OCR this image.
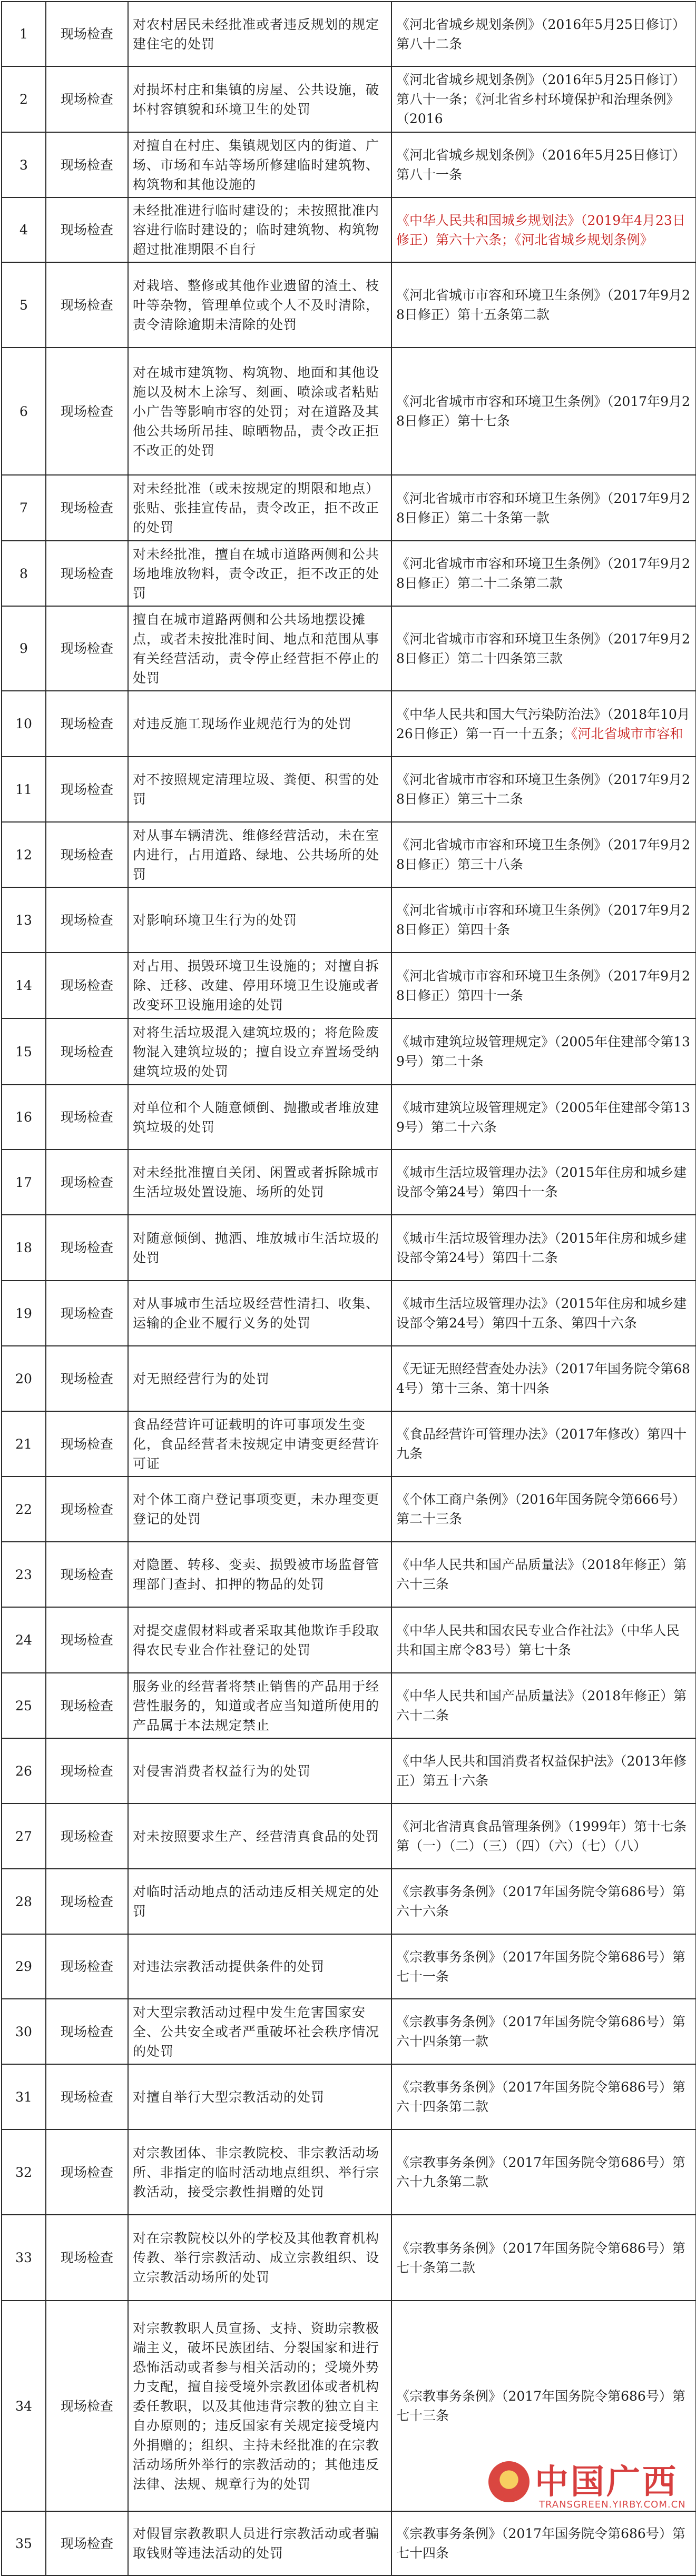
1	现场检查	对农村居民未经批准或者违反规划的规定建住宅的处罚	《河北省城乡规划条例》（2016年5月25日修订）第八十二条
2	现场检查	对损坏村庄和集镇的房屋、公共设施，破坏村容镇貌和环境卫生的处罚	《河北省城乡规划条例》（2016年5月25日修订）第八十一条；《河北省乡村环境保护和治理条例》（2016
3	现场检查	对擅自在村庄、集镇规划区内的街道、广场、市场和车站等场所修建临时建筑物、构筑物和其他设施的	《河北省城乡规划条例》（2016年5月25日修订）第八十一条
4	现场检查	未经批准进行临时建设的；未按照批准内容进行临时建设的；临时建筑物、构筑物超过批准期限不自行	《中华人民共和国城乡规划法》（2019年4月23日修正）第六十六条；《河北省城乡规划条例》
5	现场检查	对栽培、整修或其他作业遗留的渣土、枝叶等杂物，管理单位或个人不及时清除，责令清除逾期未清除的处罚	《河北省城市市容和环境卫生条例》（2017年9月28日修正）第十五条第二款
6	现场检查	对在城市建筑物、构筑物、地面和其他设施以及树木上涂写、刻画、喷涂或者粘贴小广告等影响市容的处罚；对在道路及其他公共场所吊挂、晾晒物品，责令改正拒不改正的处罚	《河北省城市市容和环境卫生条例》（2017年9月28日修正）第十七条
7	现场检查	对未经批准（或未按规定的期限和地点）张贴、张挂宣传品，责令改正，拒不改正的处罚	《河北省城市市容和环境卫生条例》（2017年9月28日修正）第二十条第一款
8	现场检查	对未经批准，擅自在城市道路两侧和公共场地堆放物料，责令改正，拒不改正的处罚	《河北省城市市容和环境卫生条例》（2017年9月28日修正）第二十二条第二款
9	现场检查	擅自在城市道路两侧和公共场地摆设摊点，或者未按批准时间、地点和范围从事有关经营活动，责令停止经营拒不停止的处罚	《河北省城市市容和环境卫生条例》（2017年9月28日修正）第二十四条第三款
10	现场检查	对违反施工现场作业规范行为的处罚	《中华人民共和国大气污染防治法》（2018年10月26日修正）第一百一十五条；《河北省城市市容和
11	现场检查	对不按照规定清理垃圾、粪便、积雪的处罚	《河北省城市市容和环境卫生条例》（2017年9月28日修正）第三十二条
12	现场检查	对从事车辆清洗、维修经营活动，未在室内进行，占用道路、绿地、公共场所的处罚	《河北省城市市容和环境卫生条例》（2017年9月28日修正）第三十八条
13	现场检查	对影响环境卫生行为的处罚	《河北省城市市容和环境卫生条例》（2017年9月28日修正）第四十条
14	现场检查	对占用、损毁环境卫生设施的；对擅自拆除、迁移、改建、停用环境卫生设施或者改变环卫设施用途的处罚	《河北省城市市容和环境卫生条例》（2017年9月28日修正）第四十一条
15	现场检查	对将生活垃圾混入建筑垃圾的；将危险废物混入建筑垃圾的；擅自设立弃置场受纳建筑垃圾的处罚	《城市建筑垃圾管理规定》（2005年住建部令第139号）第二十条
16	现场检查	对单位和个人随意倾倒、抛撒或者堆放建筑垃圾的处罚	《城市建筑垃圾管理规定》（2005年住建部令第139号）第二十六条
17	现场检查	对未经批准擅自关闭、闲置或者拆除城市生活垃圾处置设施、场所的处罚	《城市生活垃圾管理办法》（2015年住房和城乡建设部令第24号）第四十一条
18	现场检查	对随意倾倒、抛洒、堆放城市生活垃圾的处罚	《城市生活垃圾管理办法》（2015年住房和城乡建设部令第24号）第四十二条
19	现场检查	对从事城市生活垃圾经营性清扫、收集、运输的企业不履行义务的处罚	《城市生活垃圾管理办法》（2015年住房和城乡建设部令第24号）第四十五条、第四十六条
20	现场检查	对无照经营行为的处罚	《无证无照经营查处办法》（2017年国务院令第684号）第十三条、第十四条
21	现场检查	食品经营许可证载明的许可事项发生变化，食品经营者未按规定申请变更经营许可证	《食品经营许可管理办法》（2017年修改）第四十九条
22	现场检查	对个体工商户登记事项变更，未办理变更登记的处罚	《个体工商户条例》（2016年国务院令第666号）第二十三条
23	现场检查	对隐匿、转移、变卖、损毁被市场监督管理部门查封、扣押的物品的处罚	《中华人民共和国产品质量法》（2018年修正）第六十三条
24	现场检查	对提交虚假材料或者采取其他欺诈手段取得农民专业合作社登记的处罚	《中华人民共和国农民专业合作社法》（中华人民共和国主席令83号）第七十条
25	现场检查	服务业的经营者将禁止销售的产品用于经营性服务的，知道或者应当知道所使用的产品属于本法规定禁止	《中华人民共和国产品质量法》（2018年修正）第六十二条
26	现场检查	对侵害消费者权益行为的处罚	《中华人民共和国消费者权益保护法》（2013年修正）第五十六条
27	现场检查	对未按照要求生产、经营清真食品的处罚	《河北省清真食品管理条例》（1999年）第十七条第（一）（二）（三）（四）（六）（七）（八）
28	现场检查	对临时活动地点的活动违反相关规定的处罚	《宗教事务条例》（2017年国务院令第686号）第六十六条
29	现场检查	对违法宗教活动提供条件的处罚	《宗教事务条例》（2017年国务院令第686号）第七十一条
30	现场检查	对大型宗教活动过程中发生危害国家安全、公共安全或者严重破坏社会秩序情况的处罚	《宗教事务条例》（2017年国务院令第686号）第六十四条第一款
31	现场检查	对擅自举行大型宗教活动的处罚	《宗教事务条例》（2017年国务院令第686号）第六十四条第二款
32	现场检查	对宗教团体、非宗教院校、非宗教活动场所、非指定的临时活动地点组织、举行宗教活动，接受宗教性捐赠的处罚	《宗教事务条例》（2017年国务院令第686号）第六十九条第二款
33	现场检查	对在宗教院校以外的学校及其他教育机构传教、举行宗教活动、成立宗教组织、设立宗教活动场所的处罚	《宗教事务条例》（2017年国务院令第686号）第七十条第二款
34	现场检查	对宗教教职人员宣扬、支持、资助宗教极端主义，破坏民族团结、分裂国家和进行恐怖活动或者参与相关活动的；受境外势力支配，擅自接受境外宗教团体或者机构委任教职，以及其他违背宗教的独立自主自办原则的；违反国家有关规定接受境内外捐赠的；组织、主持未经批准的在宗教活动场所外举行的宗教活动的；其他违反法律、法规、规章行为的处罚	《宗教事务条例》（2017年国务院令第686号）第七十三条
35	现场检查	对假冒宗教教职人员进行宗教活动或者骗取钱财等违法活动的处罚	《宗教事务条例》（2017年国务院令第686号）第七十四条
中国广西
TRANSGREEN.YIRBY.COM.CN
